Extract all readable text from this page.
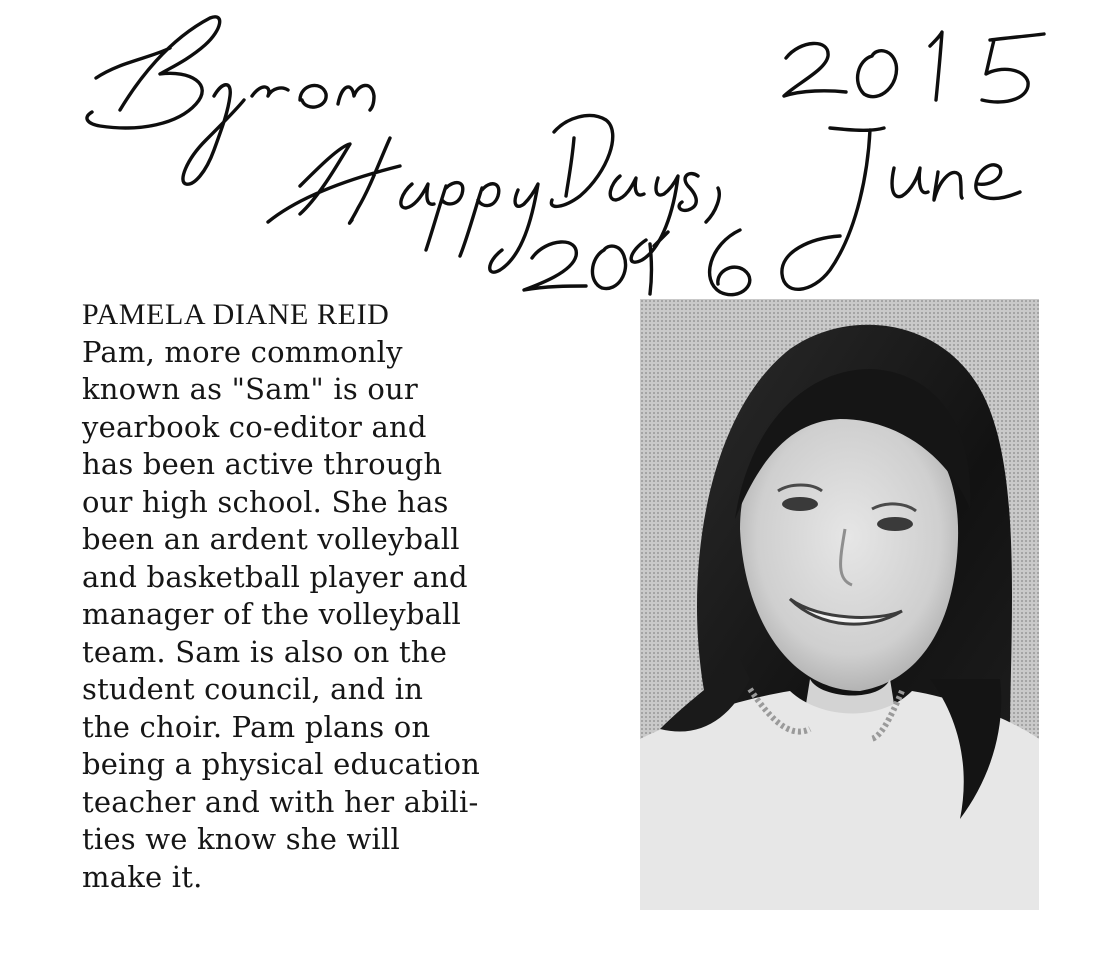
PAMELA DIANE REID

Pam, more commonly

known as "Sam" is our

yearbook co-editor and

has been active through

our high school. She has

been an ardent volleyball

and basketball player and

manager of the volleyball

team. Sam is also on the

student council, and in

the choir. Pam plans on

being a physical education

teacher and with her abili-

ties we know she will

make it.
